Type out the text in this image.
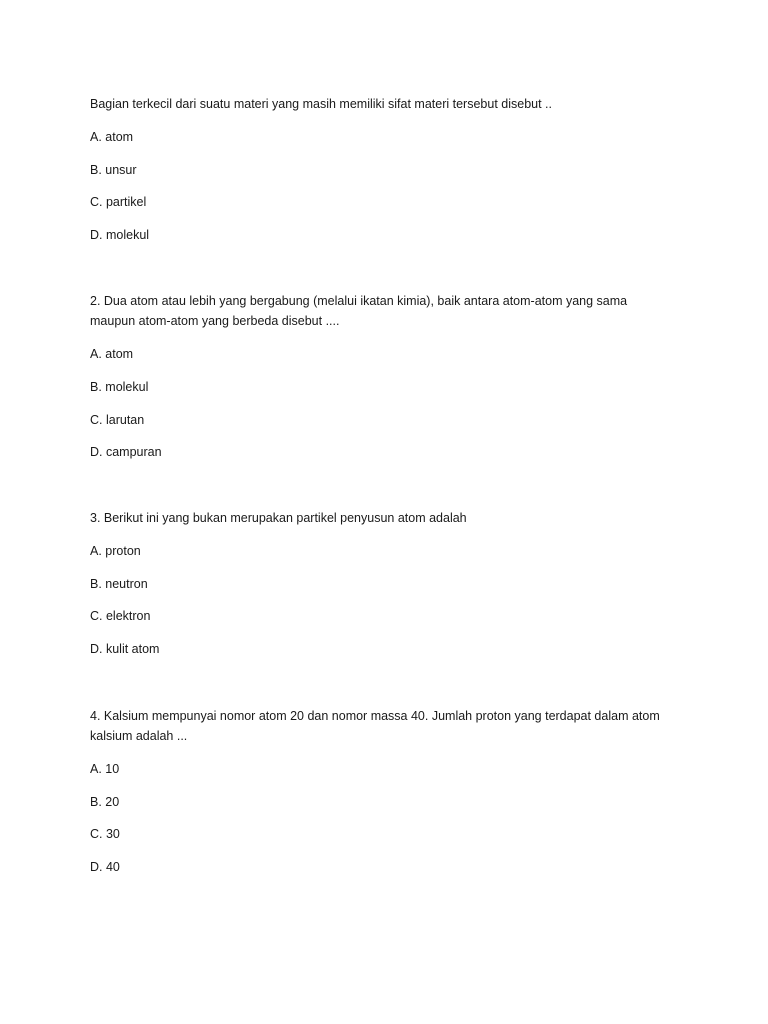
Bagian terkecil dari suatu materi yang masih memiliki sifat materi tersebut disebut ..
A. atom
B. unsur
C. partikel
D. molekul
2. Dua atom atau lebih yang bergabung (melalui ikatan kimia), baik antara atom-atom yang sama
maupun atom-atom yang berbeda disebut ....
A. atom
B. molekul
C. larutan
D. campuran
3. Berikut ini yang bukan merupakan partikel penyusun atom adalah
A. proton
B. neutron
C. elektron
D. kulit atom
4. Kalsium mempunyai nomor atom 20 dan nomor massa 40. Jumlah proton yang terdapat dalam atom
kalsium adalah ...
A. 10
B. 20
C. 30
D. 40
